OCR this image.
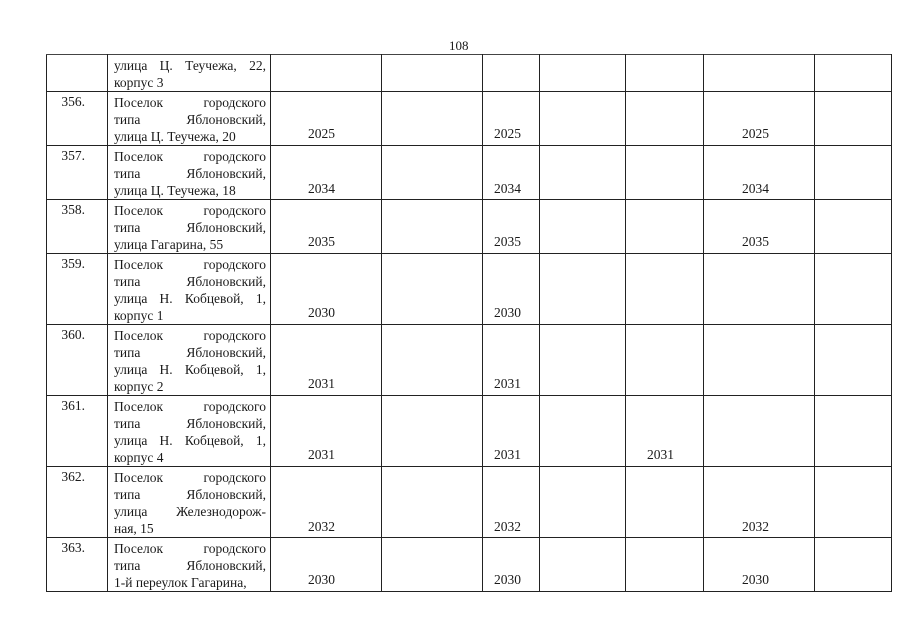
108

	улица Ц. Теучежа, 22,
корпус 3							

356.	Поселок городского
типа Яблоновский,
улица Ц. Теучежа, 20	2025		2025			2025	

357.	Поселок городского
типа Яблоновский,
улица Ц. Теучежа, 18	2034		2034			2034	

358.	Поселок городского
типа Яблоновский,
улица Гагарина, 55	2035		2035			2035	

359.	Поселок городского
типа Яблоновский,
улица Н. Кобцевой, 1,
корпус 1	2030		2030				

360.	Поселок городского
типа Яблоновский,
улица Н. Кобцевой, 1,
корпус 2	2031		2031				

361.	Поселок городского
типа Яблоновский,
улица Н. Кобцевой, 1,
корпус 4	2031		2031		2031		

362.	Поселок городского
типа Яблоновский,
улица Железнодорож-
ная, 15	2032		2032			2032	

363.	Поселок городского
типа Яблоновский,
1-й переулок Гагарина,	2030		2030			2030	
